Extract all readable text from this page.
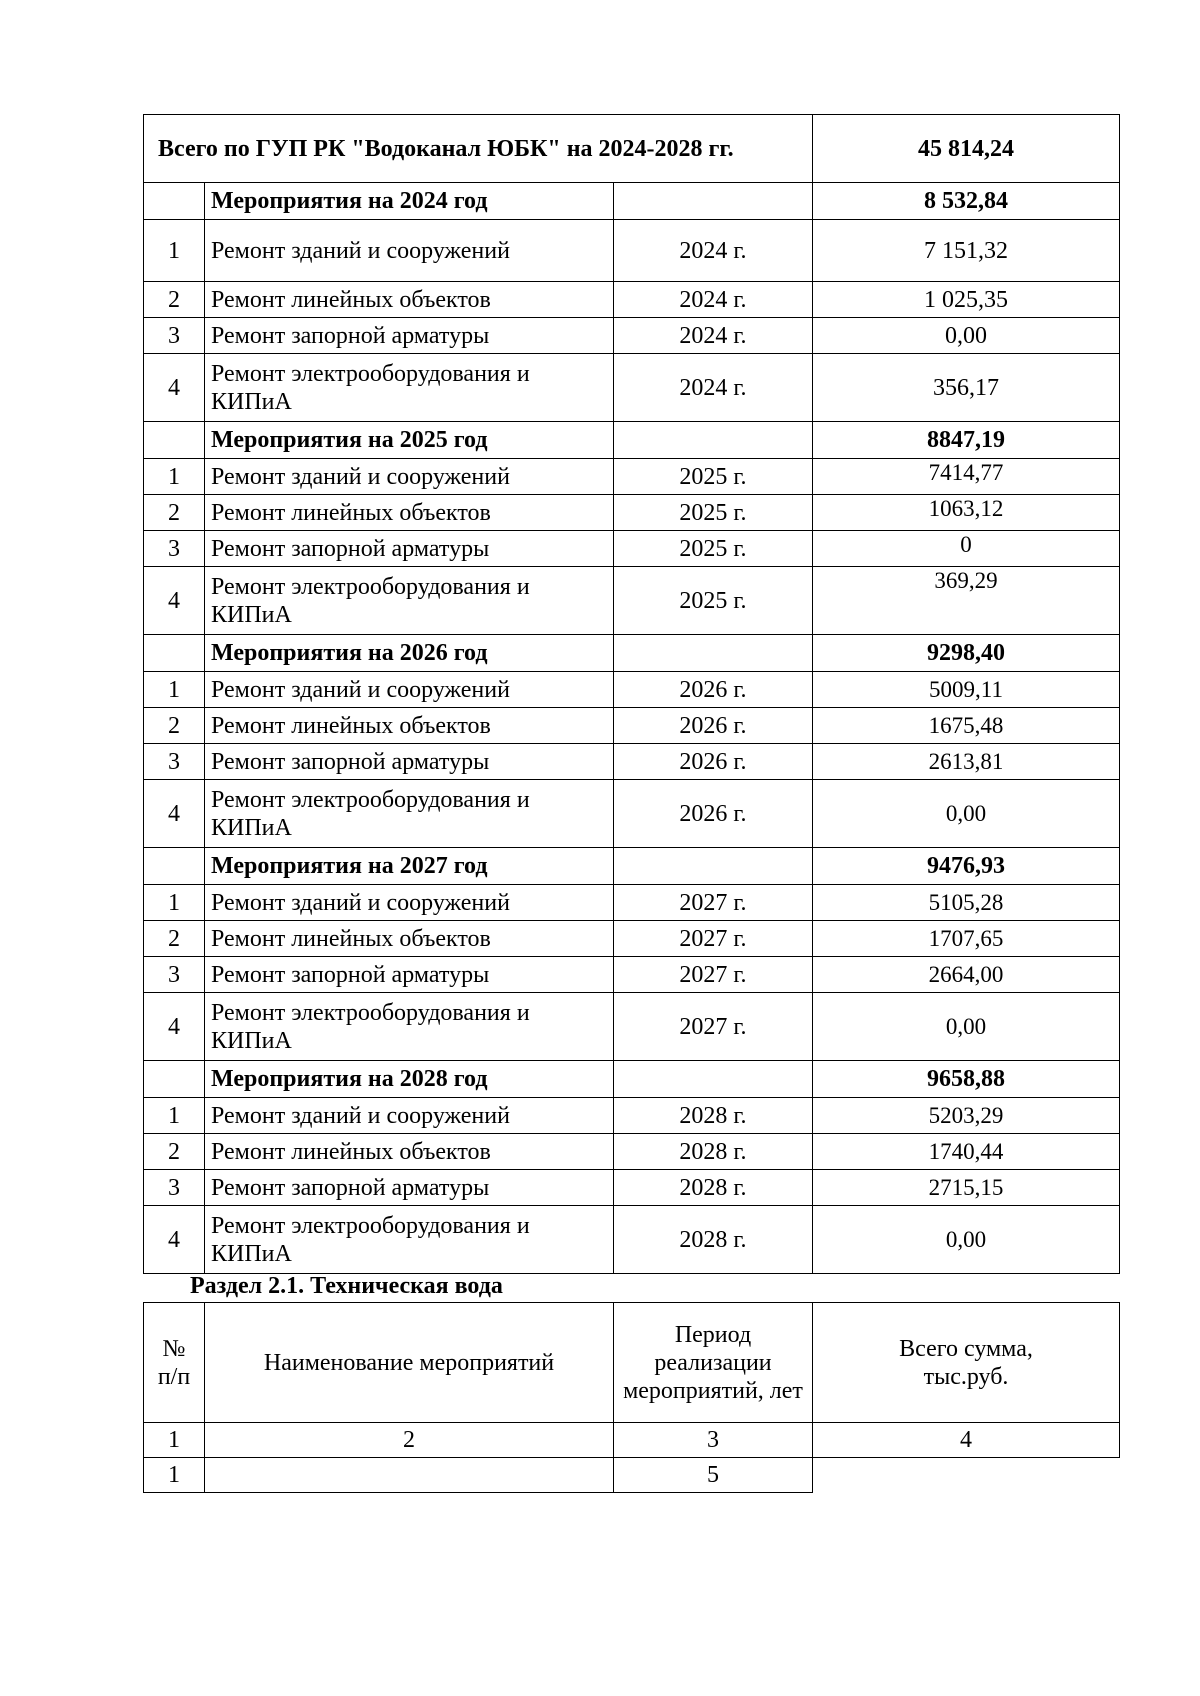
Всего по ГУП РК "Водоканал ЮБК" на 2024-2028 гг.			45 814,24
	Мероприятия на 2024 год		8 532,84
1	Ремонт зданий и сооружений	2024 г.	7 151,32
2	Ремонт линейных объектов	2024 г.	1 025,35
3	Ремонт запорной арматуры	2024 г.	0,00
4	Ремонт электрооборудования и КИПиА	2024 г.	356,17
	Мероприятия на 2025 год		8847,19
1	Ремонт зданий и сооружений	2025 г.	7414,77
2	Ремонт линейных объектов	2025 г.	1063,12
3	Ремонт запорной арматуры	2025 г.	0
4	Ремонт электрооборудования и КИПиА	2025 г.	369,29
	Мероприятия на 2026 год		9298,40
1	Ремонт зданий и сооружений	2026 г.	5009,11
2	Ремонт линейных объектов	2026 г.	1675,48
3	Ремонт запорной арматуры	2026 г.	2613,81
4	Ремонт электрооборудования и КИПиА	2026 г.	0,00
	Мероприятия на 2027 год		9476,93
1	Ремонт зданий и сооружений	2027 г.	5105,28
2	Ремонт линейных объектов	2027 г.	1707,65
3	Ремонт запорной арматуры	2027 г.	2664,00
4	Ремонт электрооборудования и КИПиА	2027 г.	0,00
	Мероприятия на 2028 год		9658,88
1	Ремонт зданий и сооружений	2028 г.	5203,29
2	Ремонт линейных объектов	2028 г.	1740,44
3	Ремонт запорной арматуры	2028 г.	2715,15
4	Ремонт электрооборудования и КИПиА	2028 г.	0,00
Раздел 2.1. Техническая вода
№ п/п	Наименование мероприятий	Период реализации мероприятий, лет	Всего сумма, тыс.руб.
1	2	3	4
1		5	
